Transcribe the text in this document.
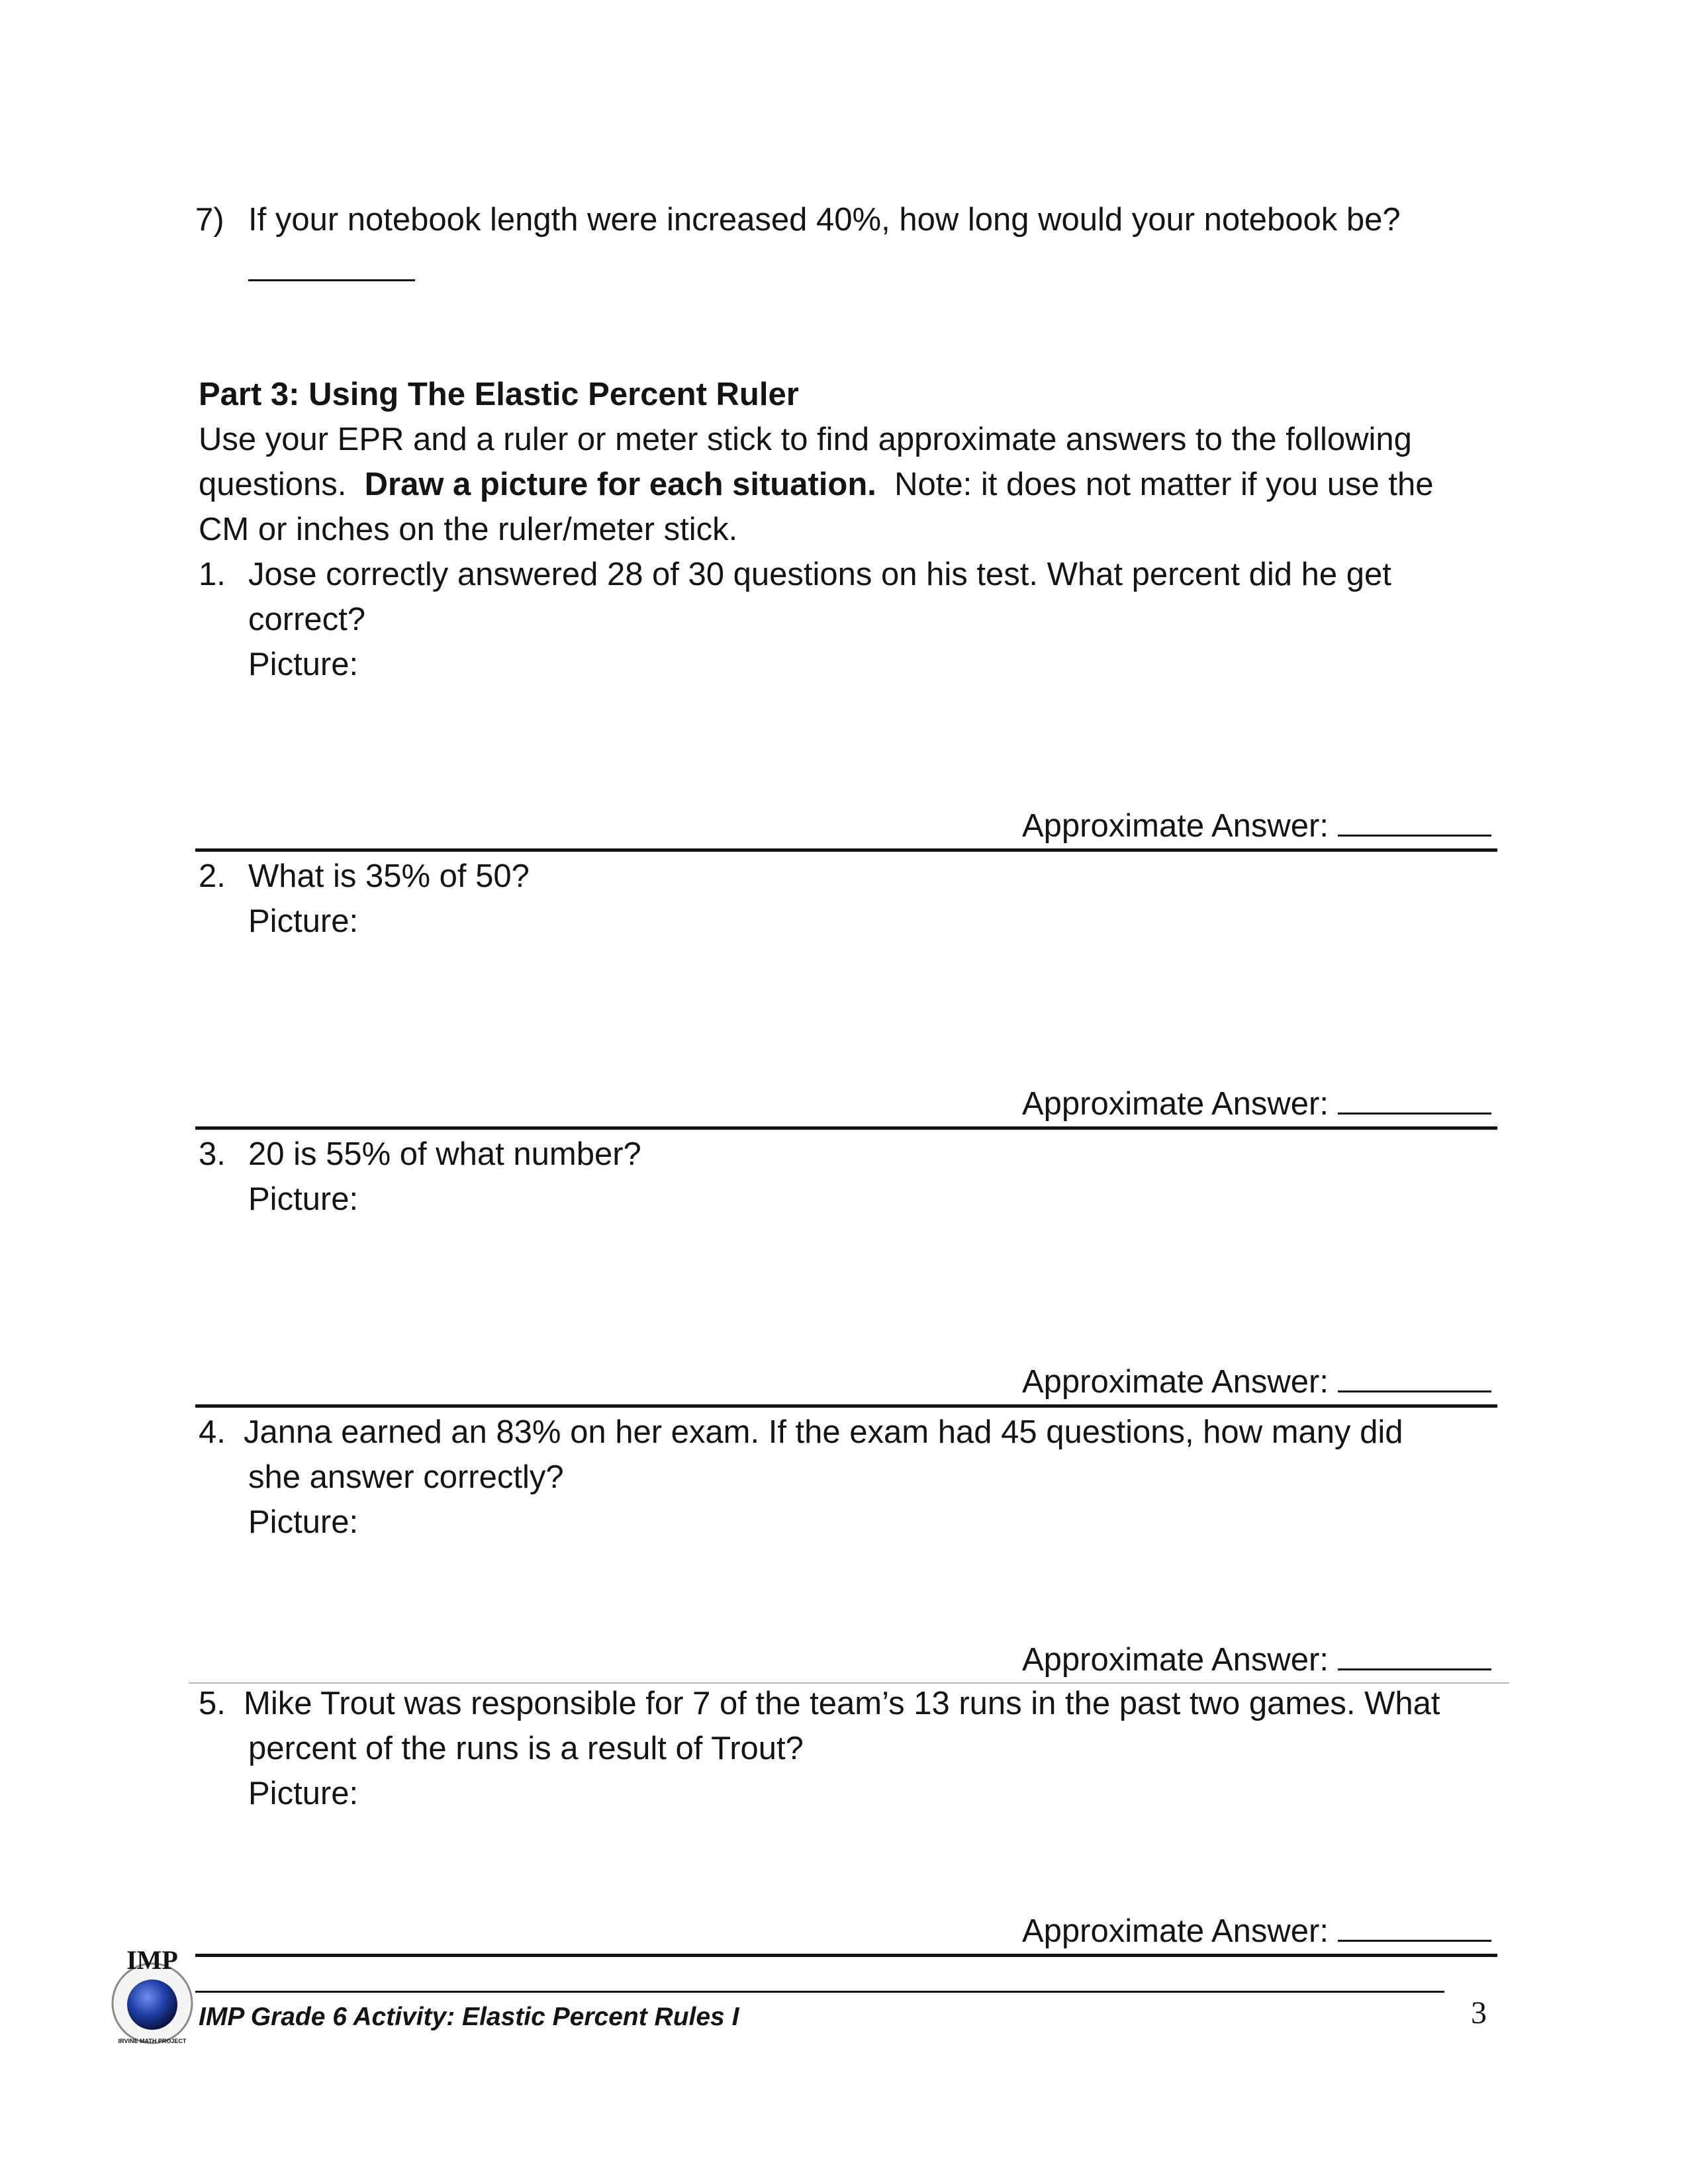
7) If your notebook length were increased 40%, how long would your notebook be?
Part 3: Using The Elastic Percent Ruler
Use your EPR and a ruler or meter stick to find approximate answers to the following
questions. Draw a picture for each situation. Note: it does not matter if you use the
CM or inches on the ruler/meter stick.
1. Jose correctly answered 28 of 30 questions on his test. What percent did he get
correct?
Picture:
Approximate Answer:
2. What is 35% of 50?
Picture:
Approximate Answer:
3. 20 is 55% of what number?
Picture:
Approximate Answer:
4. Janna earned an 83% on her exam. If the exam had 45 questions, how many did
she answer correctly?
Picture:
Approximate Answer:
5. Mike Trout was responsible for 7 of the team’s 13 runs in the past two games. What
percent of the runs is a result of Trout?
Picture:
Approximate Answer:
IMP
IRVINE MATH PROJECT
IMP Grade 6 Activity: Elastic Percent Rules I	3
